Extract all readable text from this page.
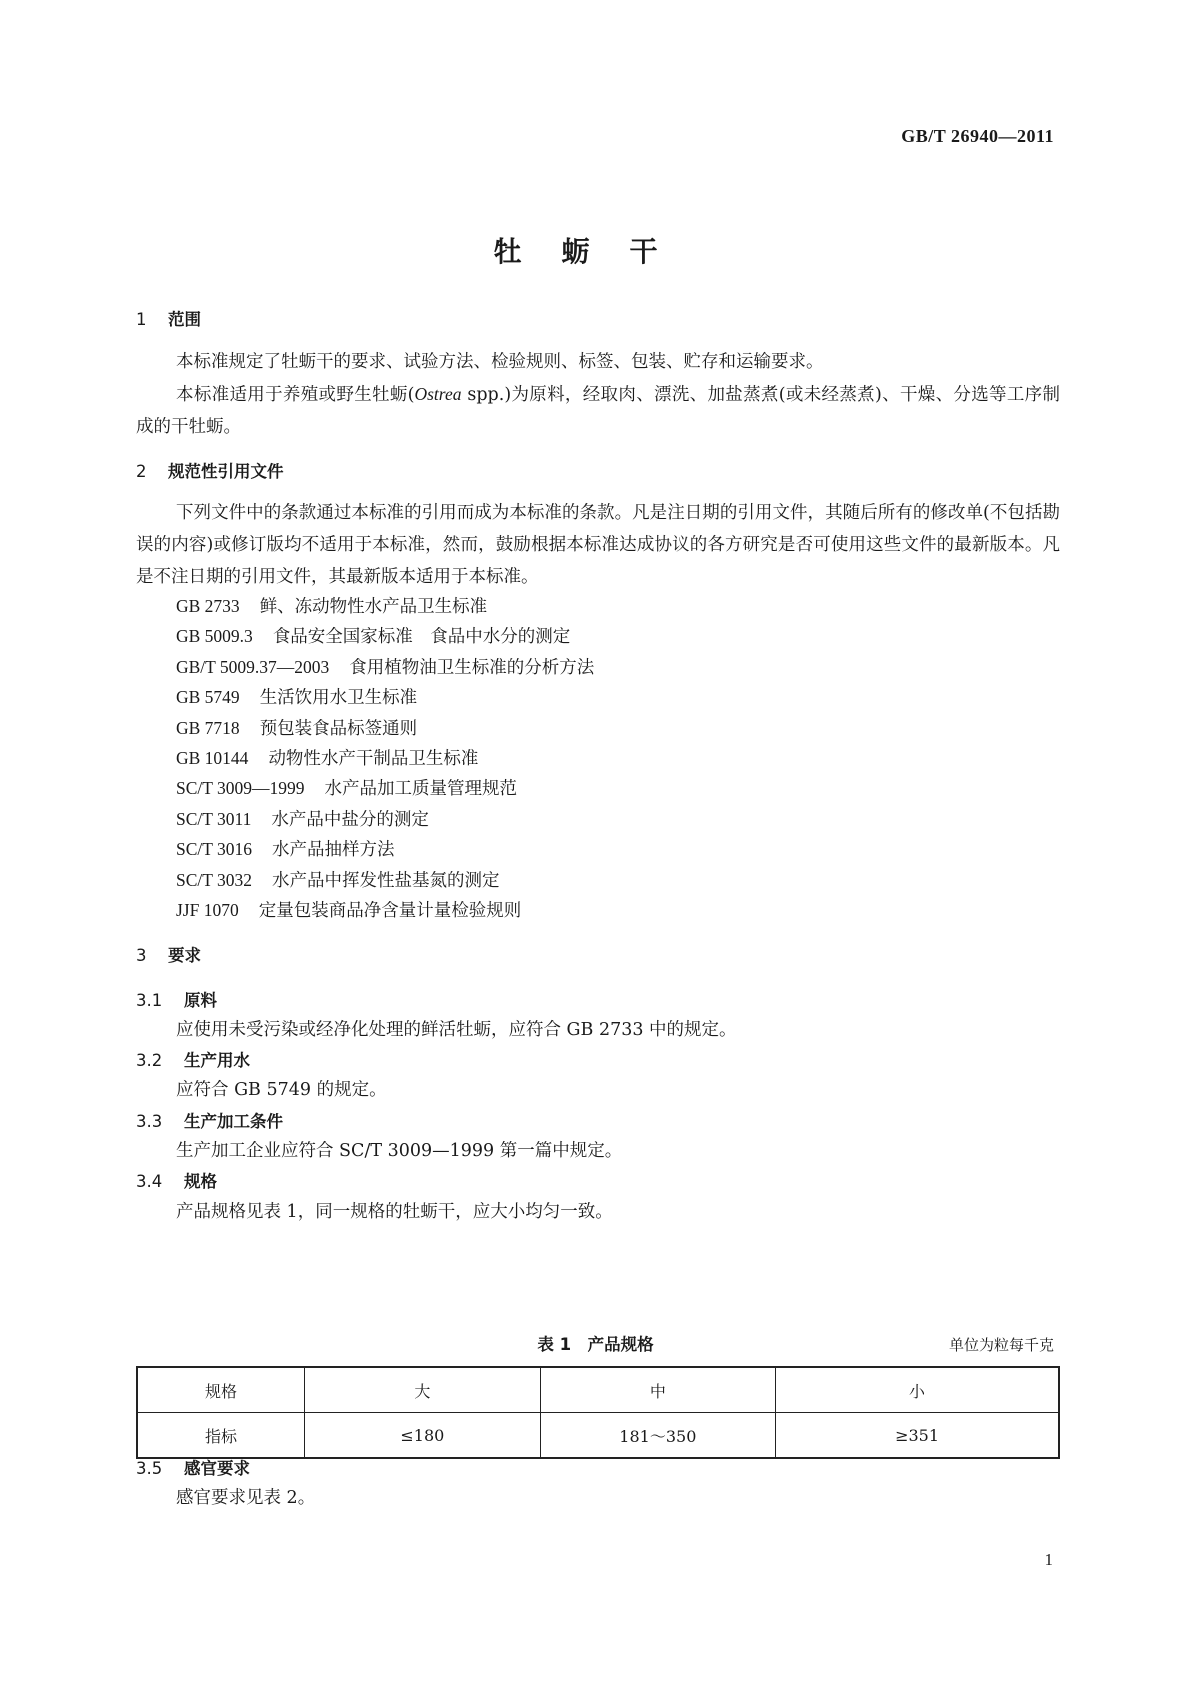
GB/T 26940—2011
牡蛎干
1 范围
本标准规定了牡蛎干的要求、试验方法、检验规则、标签、包装、贮存和运输要求。
本标准适用于养殖或野生牡蛎(Ostrea spp.)为原料，经取肉、漂洗、加盐蒸煮(或未经蒸煮)、干燥、分选等工序制成的干牡蛎。
2 规范性引用文件
下列文件中的条款通过本标准的引用而成为本标准的条款。凡是注日期的引用文件，其随后所有的修改单(不包括勘误的内容)或修订版均不适用于本标准，然而，鼓励根据本标准达成协议的各方研究是否可使用这些文件的最新版本。凡是不注日期的引用文件，其最新版本适用于本标准。
GB 2733 鲜、冻动物性水产品卫生标准
GB 5009.3 食品安全国家标准　食品中水分的测定
GB/T 5009.37—2003 食用植物油卫生标准的分析方法
GB 5749 生活饮用水卫生标准
GB 7718 预包装食品标签通则
GB 10144 动物性水产干制品卫生标准
SC/T 3009—1999 水产品加工质量管理规范
SC/T 3011 水产品中盐分的测定
SC/T 3016 水产品抽样方法
SC/T 3032 水产品中挥发性盐基氮的测定
JJF 1070 定量包装商品净含量计量检验规则
3 要求
3.1 原料
应使用未受污染或经净化处理的鲜活牡蛎，应符合 GB 2733 中的规定。
3.2 生产用水
应符合 GB 5749 的规定。
3.3 生产加工条件
生产加工企业应符合 SC/T 3009—1999 第一篇中规定。
3.4 规格
产品规格见表 1，同一规格的牡蛎干，应大小均匀一致。
表 1　产品规格	单位为粒每千克
规格	大	中	小
指标	≤180	181～350	≥351
3.5 感官要求
感官要求见表 2。
1
